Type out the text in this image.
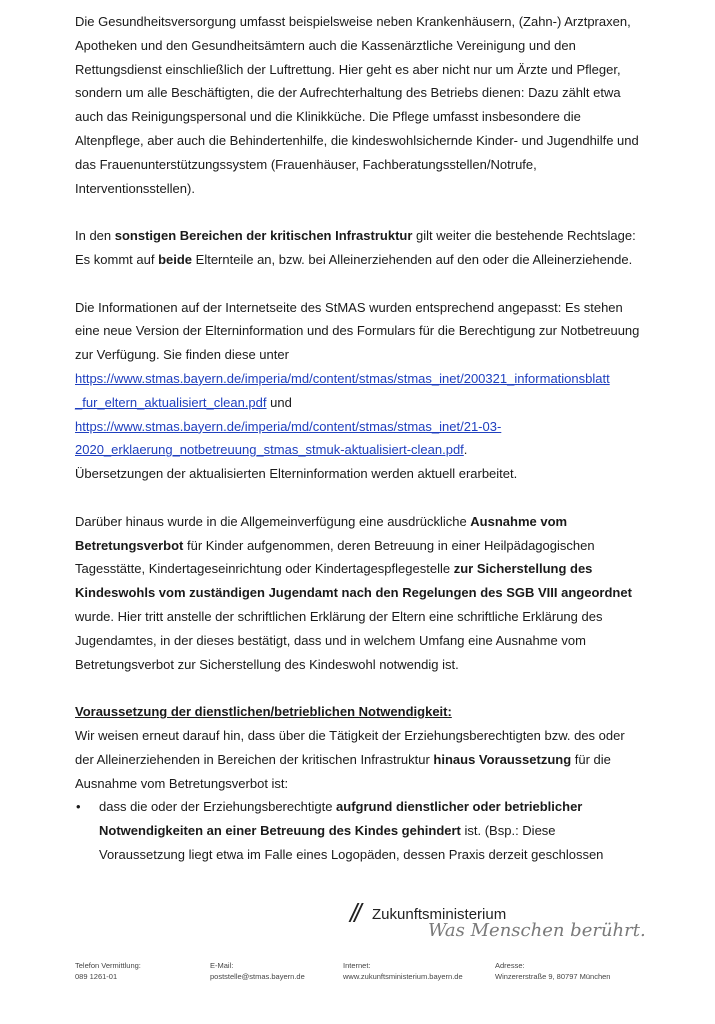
Die Gesundheitsversorgung umfasst beispielsweise neben Krankenhäusern, (Zahn-) Arztpraxen, Apotheken und den Gesundheitsämtern auch die Kassenärztliche Vereinigung und den Rettungsdienst einschließlich der Luftrettung. Hier geht es aber nicht nur um Ärzte und Pfleger, sondern um alle Beschäftigten, die der Aufrechterhaltung des Betriebs dienen: Dazu zählt etwa auch das Reinigungspersonal und die Klinikküche. Die Pflege umfasst insbesondere die Altenpflege, aber auch die Behindertenhilfe, die kindeswohlsichernde Kinder- und Jugendhilfe und das Frauenunterstützungssystem (Frauenhäuser, Fachberatungsstellen/Notrufe, Interventionsstellen).

In den sonstigen Bereichen der kritischen Infrastruktur gilt weiter die bestehende Rechtslage: Es kommt auf beide Elternteile an, bzw. bei Alleinerziehenden auf den oder die Alleinerziehende.

Die Informationen auf der Internetseite des StMAS wurden entsprechend angepasst: Es stehen eine neue Version der Elterninformation und des Formulars für die Berechtigung zur Notbetreuung zur Verfügung. Sie finden diese unter
https://www.stmas.bayern.de/imperia/md/content/stmas/stmas_inet/200321_informationsblatt
_fur_eltern_aktualisiert_clean.pdf und
https://www.stmas.bayern.de/imperia/md/content/stmas/stmas_inet/21-03-
2020_erklaerung_notbetreuung_stmas_stmuk-aktualisiert-clean.pdf.
Übersetzungen der aktualisierten Elterninformation werden aktuell erarbeitet.

Darüber hinaus wurde in die Allgemeinverfügung eine ausdrückliche Ausnahme vom Betretungsverbot für Kinder aufgenommen, deren Betreuung in einer Heilpädagogischen Tagesstätte, Kindertageseinrichtung oder Kindertagespflegestelle zur Sicherstellung des Kindeswohls vom zuständigen Jugendamt nach den Regelungen des SGB VIII angeordnet wurde. Hier tritt anstelle der schriftlichen Erklärung der Eltern eine schriftliche Erklärung des Jugendamtes, in der dieses bestätigt, dass und in welchem Umfang eine Ausnahme vom Betretungsverbot zur Sicherstellung des Kindeswohl notwendig ist.

Voraussetzung der dienstlichen/betrieblichen Notwendigkeit:

Wir weisen erneut darauf hin, dass über die Tätigkeit der Erziehungsberechtigten bzw. des oder der Alleinerziehenden in Bereichen der kritischen Infrastruktur hinaus Voraussetzung für die Ausnahme vom Betretungsverbot ist:

• dass die oder der Erziehungsberechtigte aufgrund dienstlicher oder betrieblicher Notwendigkeiten an einer Betreuung des Kindes gehindert ist. (Bsp.: Diese Voraussetzung liegt etwa im Falle eines Logopäden, dessen Praxis derzeit geschlossen
// Zukunftsministerium
Was Menschen berührt.
Telefon Vermittlung:
089 1261-01
E-Mail:
poststelle@stmas.bayern.de
Internet:
www.zukunftsministerium.bayern.de
Adresse:
Winzererstraße 9, 80797 München
